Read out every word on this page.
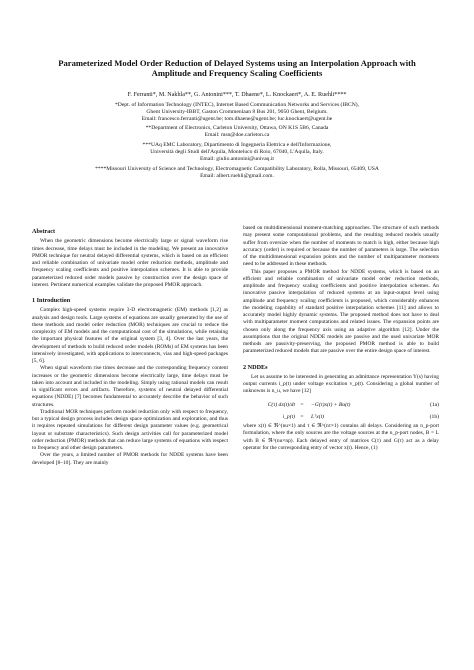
Parameterized Model Order Reduction of Delayed Systems using an Interpolation Approach with
Amplitude and Frequency Scaling Coefficients
F. Ferranti*, M. Nakhla**, G. Antonini***, T. Dhaene*, L. Knockaert*, A. E. Ruehli****
*Dept. of Information Technology (INTEC), Internet Based Communication Networks and Services (IBCN),
Ghent University-IBBT, Gaston Crommenlaan 8 Bus 201, 9050 Ghent, Belgium.
Email: francesco.ferranti@ugent.be; tom.dhaene@ugent.be; luc.knockaert@ugent.be
**Department of Electronics, Carleton University, Ottawa, ON K1S 5B6, Canada
Email: msn@doe.carleton.ca
***UAq EMC Laboratory, Dipartimento di Ingegneria Elettrica e dell'Informazione,
Università degli Studi dell'Aquila, Monteluco di Roio, 67040, L'Aquila, Italy.
Email: giulio.antonini@univaq.it
****Missouri University of Science and Technology, Electromagnetic Compatibility Laboratory, Rolla, Missouri, 65409, USA
Email: albert.ruehli@gmail.com.
Abstract

When the geometric dimensions become electrically large or signal waveform rise times decrease, time delays must be included in the modeling. We present an innovative PMOR technique for neutral delayed differential systems, which is based on an efficient and reliable combination of univariate model order reduction methods, amplitude and frequency scaling coefficients and positive interpolation schemes. It is able to provide parameterized reduced order models passive by construction over the design space of interest. Pertinent numerical examples validate the proposed PMOR approach.

1 Introduction

Complex high-speed systems require 3-D electromagnetic (EM) methods [1,2] as analysis and design tools. Large systems of equations are usually generated by the use of these methods and model order reduction (MOR) techniques are crucial to reduce the complexity of EM models and the computational cost of the simulations, while retaining the important physical features of the original system [3, 4]. Over the last years, the development of methods to build reduced order models (ROMs) of EM systems has been intensively investigated, with applications to interconnects, vias and high-speed packages [5, 6].

When signal waveform rise times decrease and the corresponding frequency content increases or the geometric dimensions become electrically large, time delays must be taken into account and included in the modeling. Simply using rational models can result in significant errors and artifacts. Therefore, systems of neutral delayed differential equations (NDDE) [7] becomes fundamental to accurately describe the behavior of such structures.

Traditional MOR techniques perform model reduction only with respect to frequency, but a typical design process includes design space optimization and exploration, and thus it requires repeated simulations for different design parameter values (e.g. geometrical layout or substrate characteristics). Such design activities call for parameterized model order reduction (PMOR) methods that can reduce large systems of equations with respect to frequency and other design parameters.

Over the years, a limited number of PMOR methods for NDDE systems have been developed [8–10]. They are mainly

based on multidimensional moment-matching approaches. The structure of such methods may present some computational problems, and the resulting reduced models usually suffer from oversize when the number of moments to match is high, either because high accuracy (order) is required or because the number of parameters is large. The selection of the multidimensional expansion points and the number of multiparameter moments need to be addressed in these methods.

This paper proposes a PMOR method for NDDE systems, which is based on an efficient and reliable combination of univariate model order reduction methods, amplitude and frequency scaling coefficients and positive interpolation schemes. An innovative passive interpolation of reduced systems at an input-output level using amplitude and frequency scaling coefficients is proposed, which considerably enhances the modeling capability of standard positive interpolation schemes [11] and allows to accurately model highly dynamic systems. The proposed method does not have to deal with multiparameter moment computations and related issues. The expansion points are chosen only along the frequency axis using an adaptive algorithm [12]. Under the assumptions that the original NDDE models are passive and the used univariate MOR methods are passivity-preserving, the proposed PMOR method is able to build parameterized reduced models that are passive over the entire design space of interest.

2 NDDEs

Let us assume to be interested in generating an admittance representation Y(s) having output currents i_p(t) under voltage excitation v_p(t). Considering a global number of unknowns is n_u, we have [12]

C(τ) dx(t)/dt =	−G(τ)x(t) + Bu(t)	(1a)
i_p(t) =	Lᵀx(t)	(1b)

where x(t) ∈ ℜ^(nu×1) and τ ∈ ℜ^(nτ×1) contains all delays. Considering an n_p-port formulation, where the only sources are the voltage sources at the n_p-port nodes, B = L with B ∈ ℜ^(nu×np). Each delayed entry of matrices C(τ) and G(τ) act as a delay operator for the corresponding entry of vector x(t). Hence, (1)
